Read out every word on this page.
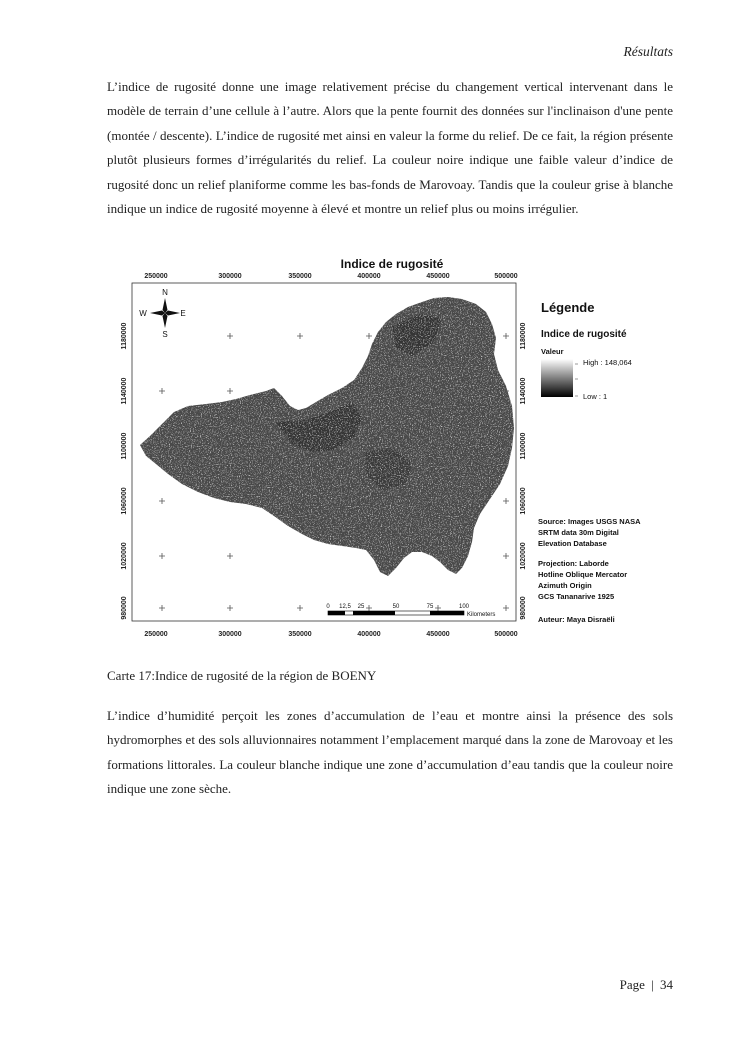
Résultats

L’indice de rugosité donne une image relativement précise du changement vertical intervenant dans le modèle de terrain d’une cellule à l’autre. Alors que la pente fournit des données sur l'inclinaison d'une pente (montée / descente). L’indice de rugosité met ainsi en valeur la forme du relief. De ce fait, la région présente plutôt plusieurs formes d’irrégularités du relief. La couleur noire indique une faible valeur d’indice de rugosité donc un relief planiforme comme les bas-fonds de Marovoay. Tandis que la couleur grise à blanche indique un indice de rugosité moyenne à élevé et montre un relief plus ou moins irrégulier.

Indice de rugosité
250000	300000	350000	400000	450000	500000
250000	300000	350000	400000	450000	500000
1180000
1140000
1100000
1060000
1020000
980000
1180000
1140000
1100000
1060000
1020000
980000
N
S
W	E
0 12,5 25	50	75	100
Kilometers
Légende
Indice de rugosité
Valeur
High : 148,064
Low : 1
Source: Images USGS NASA
SRTM data 30m Digital
Elevation Database
Projection: Laborde
Hotline Oblique Mercator
Azimuth Origin
GCS Tananarive 1925
Auteur: Maya Disraëli
Carte 17:Indice de rugosité de la région de BOENY

L’indice d’humidité perçoit les zones d’accumulation de l’eau et montre ainsi la présence des sols hydromorphes et des sols alluvionnaires notamment l’emplacement marqué dans la zone de Marovoay et les formations littorales. La couleur blanche indique une zone d’accumulation d’eau tandis que la couleur noire indique une zone sèche.

Page | 34
